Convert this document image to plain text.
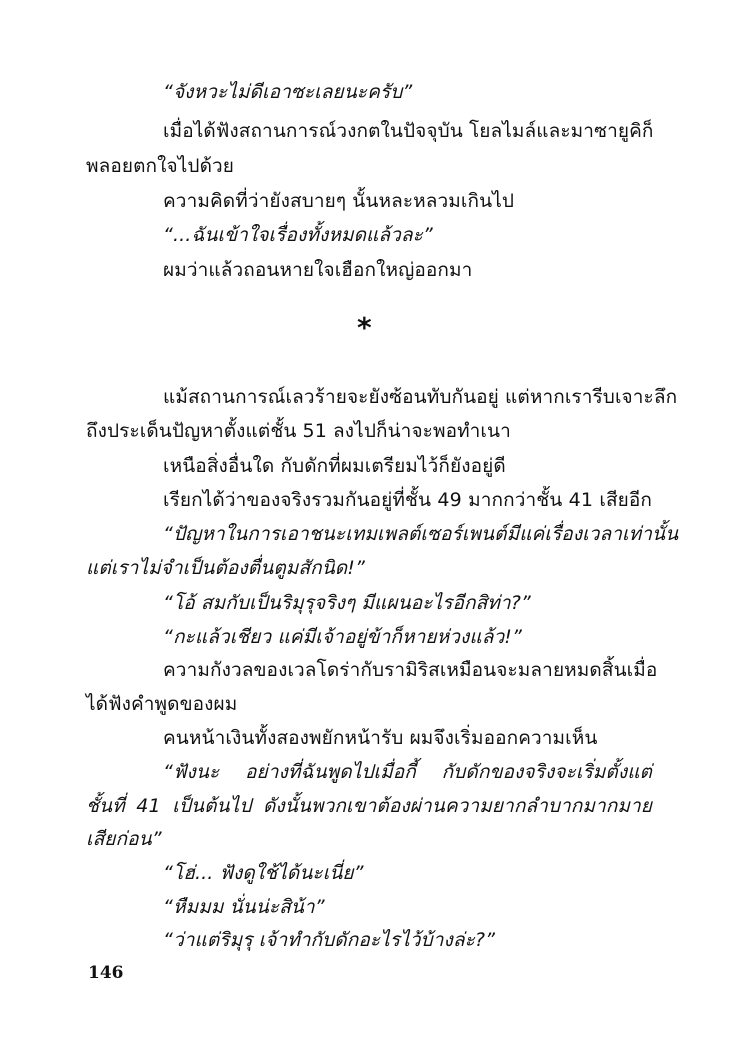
“จังหวะไม่ดีเอาซะเลยนะครับ”
เมื่อได้ฟังสถานการณ์วงกตในปัจจุบัน โยลไมล์และมาซายูคิก็
พลอยตกใจไปด้วย
ความคิดที่ว่ายังสบายๆ นั้นหละหลวมเกินไป
“...ฉันเข้าใจเรื่องทั้งหมดแล้วละ”
ผมว่าแล้วถอนหายใจเฮือกใหญ่ออกมา
*
แม้สถานการณ์เลวร้ายจะยังซ้อนทับกันอยู่ แต่หากเรารีบเจาะลึก
ถึงประเด็นปัญหาตั้งแต่ชั้น 51 ลงไปก็น่าจะพอทำเนา
เหนือสิ่งอื่นใด กับดักที่ผมเตรียมไว้ก็ยังอยู่ดี
เรียกได้ว่าของจริงรวมกันอยู่ที่ชั้น 49 มากกว่าชั้น 41 เสียอีก
“ปัญหาในการเอาชนะเทมเพลต์เซอร์เพนต์มีแค่เรื่องเวลาเท่านั้น
แต่เราไม่จำเป็นต้องตื่นตูมสักนิด!”
“โอ้ สมกับเป็นริมุรุจริงๆ มีแผนอะไรอีกสิท่า?”
“กะแล้วเชียว แค่มีเจ้าอยู่ข้าก็หายห่วงแล้ว!”
ความกังวลของเวลโดร่ากับรามิริสเหมือนจะมลายหมดสิ้นเมื่อ
ได้ฟังคำพูดของผม
คนหน้าเงินทั้งสองพยักหน้ารับ ผมจึงเริ่มออกความเห็น
“ฟังนะ อย่างที่ฉันพูดไปเมื่อกี้ กับดักของจริงจะเริ่มตั้งแต่
ชั้นที่ 41 เป็นต้นไป ดังนั้นพวกเขาต้องผ่านความยากลำบากมากมาย
เสียก่อน”
“โฮ่... ฟังดูใช้ได้นะเนี่ย”
“หืมมม นั่นน่ะสิน้า”
“ว่าแต่ริมุรุ เจ้าทำกับดักอะไรไว้บ้างล่ะ?”
146
